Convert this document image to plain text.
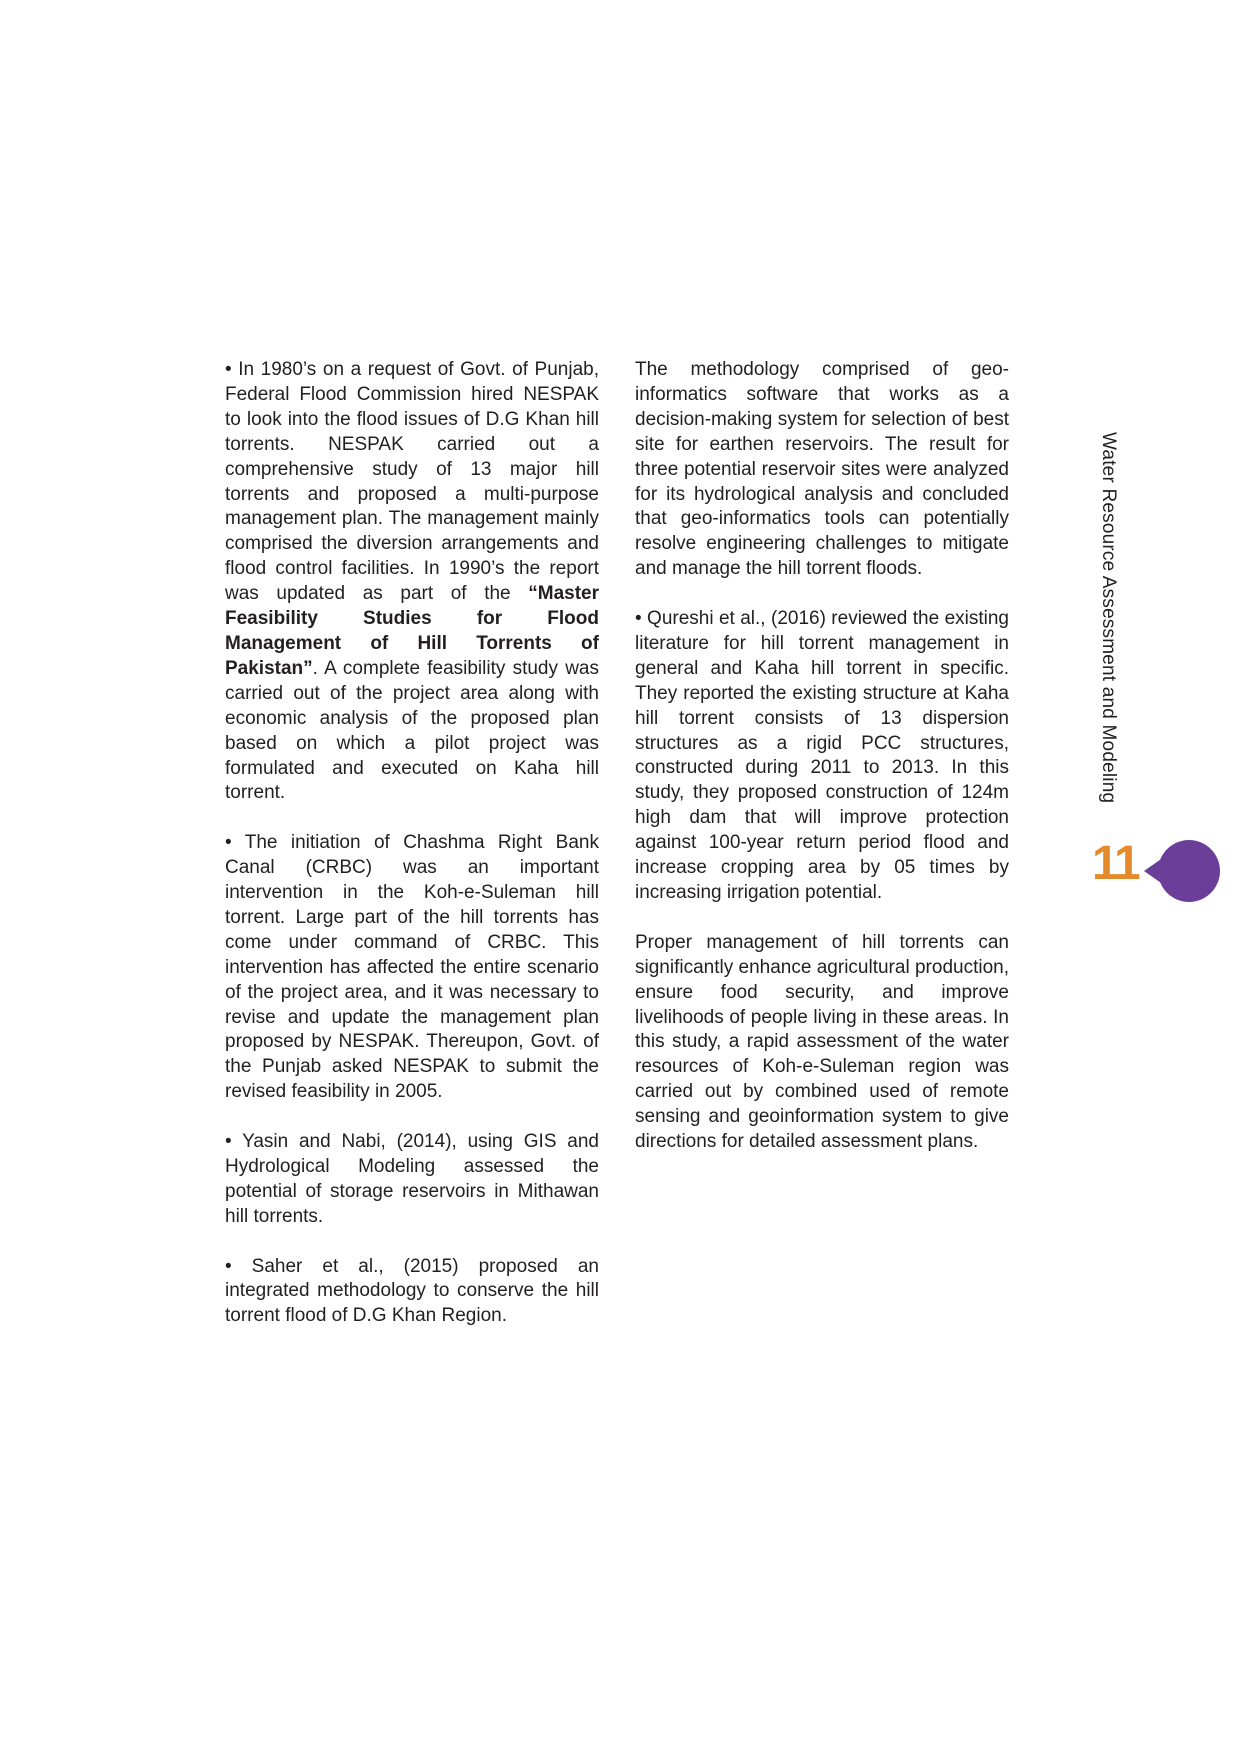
• In 1980’s on a request of Govt. of Punjab, Federal Flood Commission hired NESPAK to look into the flood issues of D.G Khan hill torrents. NESPAK carried out a comprehensive study of 13 major hill torrents and proposed a multi-purpose management plan. The management mainly comprised the diversion arrangements and flood control facilities. In 1990’s the report was updated as part of the “Master Feasibility Studies for Flood Management of Hill Torrents of Pakistan”. A complete feasibility study was carried out of the project area along with economic analysis of the proposed plan based on which a pilot project was formulated and executed on Kaha hill torrent.

• The initiation of Chashma Right Bank Canal (CRBC) was an important intervention in the Koh-e-Suleman hill torrent. Large part of the hill torrents has come under command of CRBC. This intervention has affected the entire scenario of the project area, and it was necessary to revise and update the management plan proposed by NESPAK. Thereupon, Govt. of the Punjab asked NESPAK to submit the revised feasibility in 2005.

• Yasin and Nabi, (2014), using GIS and Hydrological Modeling assessed the potential of storage reservoirs in Mithawan hill torrents.

• Saher et al., (2015) proposed an integrated methodology to conserve the hill torrent flood of D.G Khan Region.

The methodology comprised of geo-informatics software that works as a decision-making system for selection of best site for earthen reservoirs. The result for three potential reservoir sites were analyzed for its hydrological analysis and concluded that geo-informatics tools can potentially resolve engineering challenges to mitigate and manage the hill torrent floods.

• Qureshi et al., (2016) reviewed the existing literature for hill torrent management in general and Kaha hill torrent in specific. They reported the existing structure at Kaha hill torrent consists of 13 dispersion structures as a rigid PCC structures, constructed during 2011 to 2013. In this study, they proposed construction of 124m high dam that will improve protection against 100-year return period flood and increase cropping area by 05 times by increasing irrigation potential.

Proper management of hill torrents can significantly enhance agricultural production, ensure food security, and improve livelihoods of people living in these areas. In this study, a rapid assessment of the water resources of Koh-e-Suleman region was carried out by combined used of remote sensing and geoinformation system to give directions for detailed assessment plans.

Water Resource Assessment and Modeling
11
